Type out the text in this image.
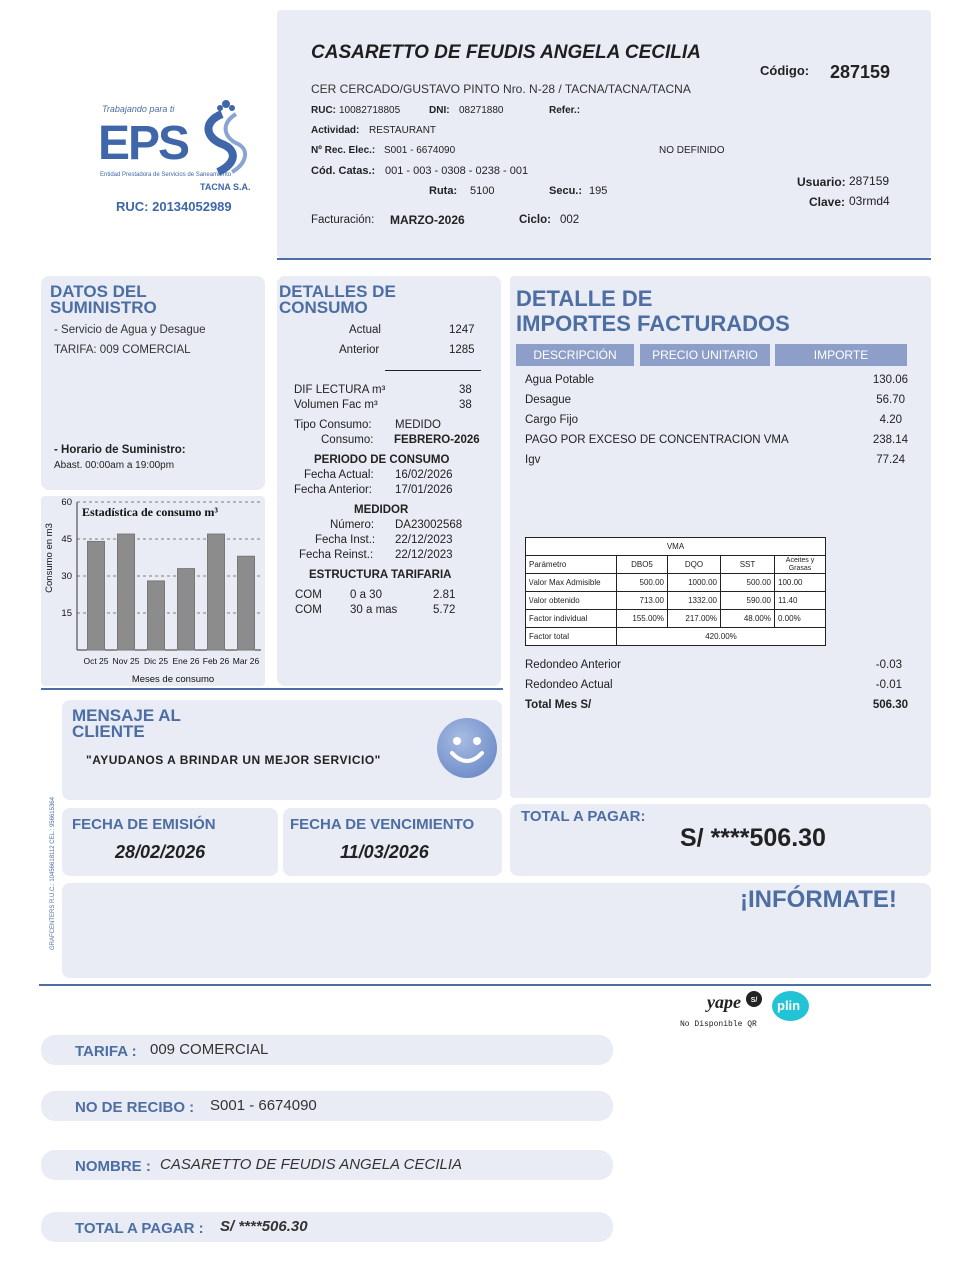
Trabajando para ti
EPS
Entidad Prestadora de Servicios de Saneamiento
TACNA S.A.
RUC: 20134052989
CASARETTO DE FEUDIS ANGELA CECILIA
CER CERCADO/GUSTAVO PINTO Nro. N-28 / TACNA/TACNA/TACNA
Código: 287159
RUC: 10082718805	DNI: 08271880	Refer.:
Actividad: RESTAURANT
Nº Rec. Elec.: S001 - 6674090	NO DEFINIDO
Cód. Catas.: 001 - 003 - 0308 - 0238 - 001
Ruta: 5100	Secu.: 195
Usuario: 287159
Clave: 03rmd4
Facturación: MARZO-2026	Ciclo: 002
DATOS DEL
SUMINISTRO
- Servicio de Agua y Desague
TARIFA: 009 COMERCIAL
- Horario de Suministro:
Abast. 00:00am a 19:00pm
Estadística de consumo m³
Consumo en m3
Meses de consumo
15
30
45
60
Oct 25 Nov 25 Dic 25 Ene 26 Feb 26 Mar 26
DETALLES DE
CONSUMO
Actual	1247
Anterior	1285
DIF LECTURA m³	38
Volumen Fac m³	38
Tipo Consumo: MEDIDO
Consumo: FEBRERO-2026
PERIODO DE CONSUMO
Fecha Actual: 16/02/2026
Fecha Anterior: 17/01/2026
MEDIDOR
Número: DA23002568
Fecha Inst.: 22/12/2023
Fecha Reinst.: 22/12/2023
ESTRUCTURA TARIFARIA
COM 0 a 30	2.81
COM 30 a mas	5.72
DETALLE DE
IMPORTES FACTURADOS
DESCRIPCIÓN	PRECIO UNITARIO	IMPORTE
Agua Potable	130.06
Desague	56.70
Cargo Fijo	4.20
PAGO POR EXCESO DE CONCENTRACION VMA	238.14
Igv	77.24
VMA				
Parámetro	DBO5	DQO	SST	Aceites y Grasas
\/alor Max Admisible	500.00	1000.00	500.00	100.00
\/alor obtenido	713.00	1332.00	590.00	11.40
Factor individual	155.00%	217.00%	48.00%	0.00%
Factor total	420.00%			
Redondeo Anterior	-0.03
Redondeo Actual	-0.01
Total Mes S/	506.30
MENSAJE AL
CLIENTE
"AYUDANOS A BRINDAR UN MEJOR SERVICIO"
GRAFCENTERS R.U.C.: 10456618112 CEL.: 956615364 FECHA DE EMISIÓN
28/02/2026
FECHA DE VENCIMIENTO
11/03/2026
TOTAL A PAGAR:
S/ ****506.30
¡INFÓRMATE!
yape S/ plin
No Disponible QR
TARIFA : 009 COMERCIAL
NO DE RECIBO : S001 - 6674090
NOMBRE : CASARETTO DE FEUDIS ANGELA CECILIA
TOTAL A PAGAR : S/ ****506.30
